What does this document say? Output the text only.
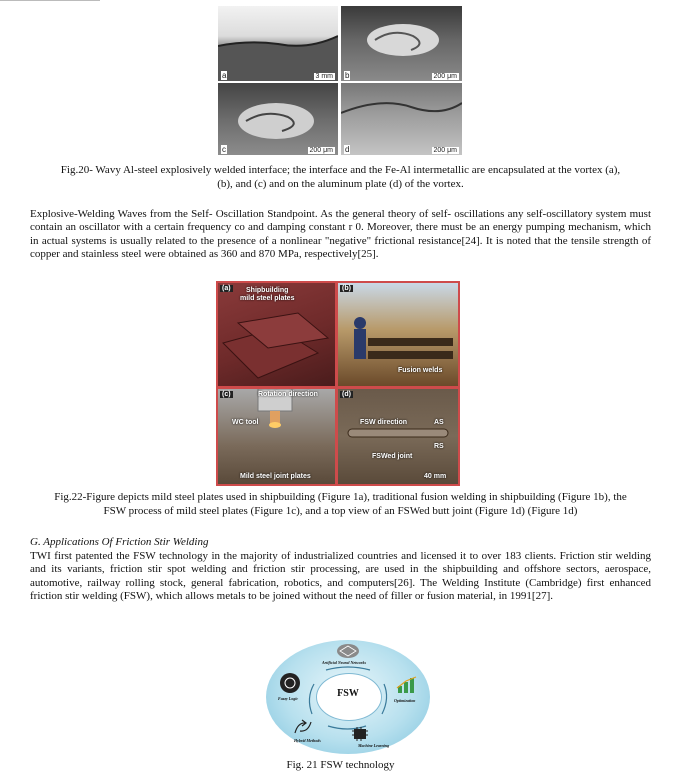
a	3 mm b	200 μm
c	200 μm d	200 μm
Fig.20- Wavy Al-steel explosively welded interface; the interface and the Fe-Al intermetallic are encapsulated at the vortex (a),
(b), and (c) and on the aluminum plate (d) of the vortex.
Explosive-Welding Waves from the Self- Oscillation Standpoint. As the general theory of self- oscillations any self-oscillatory system must contain an oscillator with a certain frequency co and damping constant r 0. Moreover, there must be an energy pumping mechanism, which in actual systems is usually related to the presence of a nonlinear "negative" frictional resistance[24]. It is noted that the tensile strength of copper and stainless steel were obtained as 360 and 870 MPa, respectively[25].
(a) Shipbuilding
mild steel plates
(b)
Fusion welds
(c)	Rotation direction
WC tool
Mild steel joint plates
(d)
FSW direction	AS
RS
FSWed joint
40 mm
Fig.22-Figure depicts mild steel plates used in shipbuilding (Figure 1a), traditional fusion welding in shipbuilding (Figure 1b), the
FSW process of mild steel plates (Figure 1c), and a top view of an FSWed butt joint (Figure 1d) (Figure 1d)
G. Applications Of Friction Stir Welding
TWI first patented the FSW technology in the majority of industrialized countries and licensed it to over 183 clients. Friction stir welding and its variants, friction stir spot welding and friction stir processing, are used in the shipbuilding and offshore sectors, aerospace, automotive, railway rolling stock, general fabrication, robotics, and computers[26]. The Welding Institute (Cambridge) first enhanced friction stir welding (FSW), which allows metals to be joined without the need of filler or fusion material, in 1991[27].
FSW
Artificial Neural Networks
Optimization
Machine Learning
Hybrid Methods
Fuzzy Logic
Fig. 21 FSW technology
